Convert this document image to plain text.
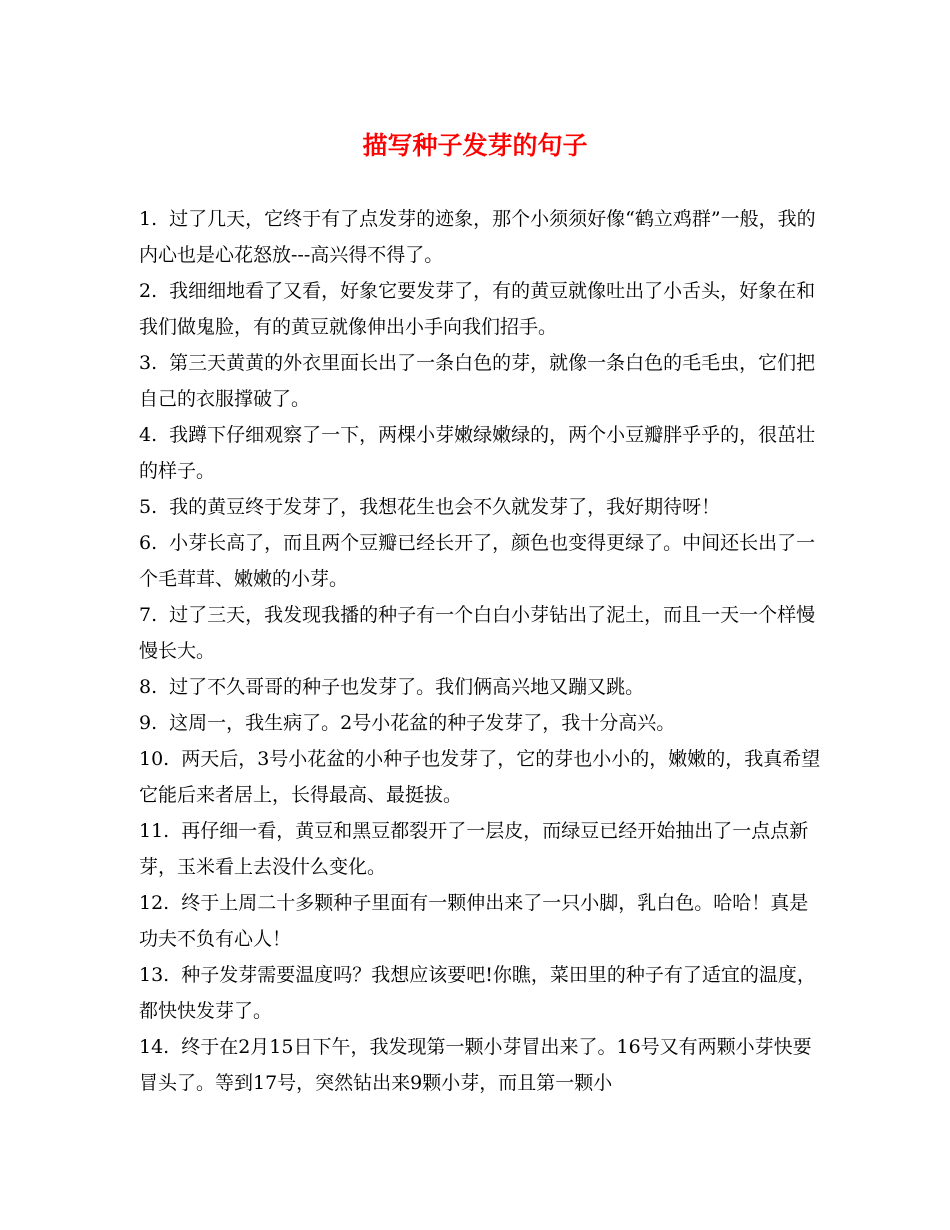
描写种子发芽的句子
1. 过了几天，它终于有了点发芽的迹象，那个小须须好像“鹤立鸡群”一般，我的内心也是心花怒放---高兴得不得了。
2. 我细细地看了又看，好象它要发芽了，有的黄豆就像吐出了小舌头，好象在和我们做鬼脸，有的黄豆就像伸出小手向我们招手。
3. 第三天黄黄的外衣里面长出了一条白色的芽，就像一条白色的毛毛虫，它们把自己的衣服撑破了。
4. 我蹲下仔细观察了一下，两棵小芽嫩绿嫩绿的，两个小豆瓣胖乎乎的，很茁壮的样子。
5. 我的黄豆终于发芽了，我想花生也会不久就发芽了，我好期待呀！
6. 小芽长高了，而且两个豆瓣已经长开了，颜色也变得更绿了。中间还长出了一个毛茸茸、嫩嫩的小芽。
7. 过了三天，我发现我播的种子有一个白白小芽钻出了泥土，而且一天一个样慢慢长大。
8. 过了不久哥哥的种子也发芽了。我们俩高兴地又蹦又跳。
9. 这周一，我生病了。2号小花盆的种子发芽了，我十分高兴。
10. 两天后，3号小花盆的小种子也发芽了，它的芽也小小的，嫩嫩的，我真希望它能后来者居上，长得最高、最挺拔。
11. 再仔细一看，黄豆和黑豆都裂开了一层皮，而绿豆已经开始抽出了一点点新芽，玉米看上去没什么变化。
12. 终于上周二十多颗种子里面有一颗伸出来了一只小脚，乳白色。哈哈！真是功夫不负有心人！
13. 种子发芽需要温度吗？我想应该要吧!你瞧，菜田里的种子有了适宜的温度，都快快发芽了。
14. 终于在2月15日下午，我发现第一颗小芽冒出来了。16号又有两颗小芽快要冒头了。等到17号，突然钻出来9颗小芽，而且第一颗小
